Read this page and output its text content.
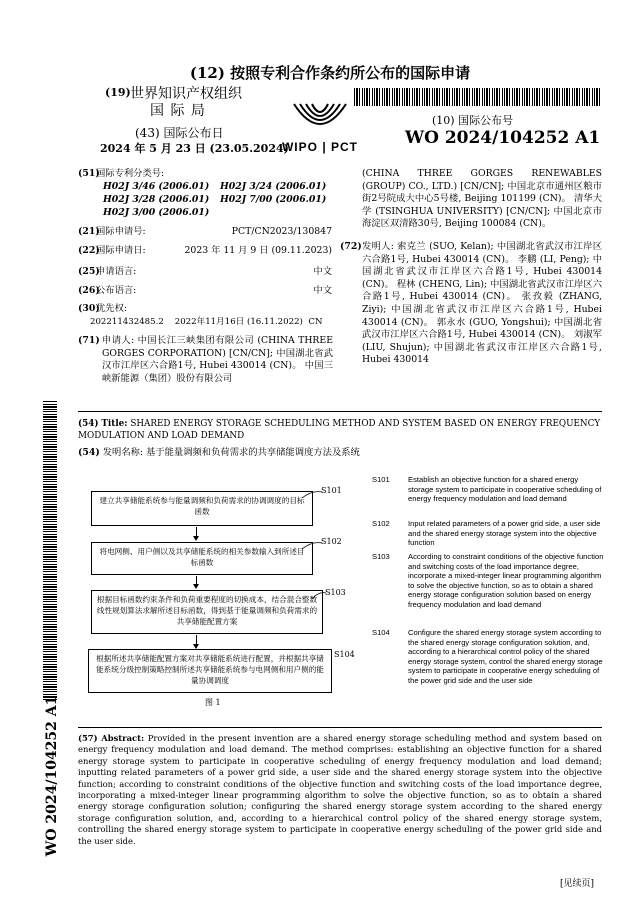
(12) 按照专利合作条约所公布的国际申请
(19) 世界知识产权组织
国 际 局
WIPO | PCT
(43) 国际公布日
2024 年 5 月 23 日 (23.05.2024)
(10) 国际公布号
WO 2024/104252 A1
(51) 国际专利分类号:
H02J 3/46 (2006.01) H02J 3/24 (2006.01)
H02J 3/28 (2006.01) H02J 7/00 (2006.01)
H02J 3/00 (2006.01)
(21) 国际申请号:	PCT/CN2023/130847
(22) 国际申请日:	2023 年 11 月 9 日 (09.11.2023)
(25) 申请语言:	中文
(26) 公布语言:	中文
(30) 优先权:
202211432485.2    2022年11月16日 (16.11.2022)  CN
(71) 申请人: 中国长江三峡集团有限公司 (CHINA THREE GORGES CORPORATION) [CN/CN]; 中国湖北省武汉市江岸区六合路1号, Hubei 430014 (CN)。 中国三峡新能源（集团）股份有限公司
(CHINA THREE GORGES RENEWABLES (GROUP) CO., LTD.) [CN/CN]; 中国北京市通州区粮市街2号院成大中心5号楼, Beijing 101199 (CN)。 清华大学 (TSINGHUA UNIVERSITY) [CN/CN]; 中国北京市海淀区双清路30号, Beijing 100084 (CN)。
(72) 发明人: 索克兰 (SUO, Kelan); 中国湖北省武汉市江岸区六合路1号, Hubei 430014 (CN)。 李鹏 (LI, Peng); 中国湖北省武汉市江岸区六合路1号, Hubei 430014 (CN)。 程林 (CHENG, Lin); 中国湖北省武汉市江岸区六合路1号, Hubei 430014 (CN)。 张孜毅 (ZHANG, Ziyi); 中国湖北省武汉市江岸区六合路1号, Hubei 430014 (CN)。 郭永水 (GUO, Yongshui); 中国湖北省武汉市江岸区六合路1号, Hubei 430014 (CN)。 刘淑军 (LIU, Shujun); 中国湖北省武汉市江岸区六合路1号, Hubei 430014
WO 2024/104252 A1
(54) Title: SHARED ENERGY STORAGE SCHEDULING METHOD AND SYSTEM BASED ON ENERGY FREQUENCY MODULATION AND LOAD DEMAND
(54) 发明名称: 基于能量调频和负荷需求的共享储能调度方法及系统
建立共享储能系统参与能量调频和负荷需求的协调调度的目标函数
S101
将电网侧、用户侧以及共享储能系统的相关参数输入到所述目标函数
S102
根据目标函数约束条件和负荷重要程度的切换成本，结合混合整数线性规划算法求解所述目标函数，得到基于能量调频和负荷需求的共享储能配置方案
S103
根据所述共享储能配置方案对共享储能系统进行配置，并根据共享储能系统分级控制策略控制所述共享储能系统参与电网侧和用户侧的能量协调调度
S104
图 1
S101 Establish an objective function for a shared energy storage system to participate in cooperative scheduling of energy frequency modulation and load demand
S102 Input related parameters of a power grid side, a user side and the shared energy storage system into the objective function
S103 According to constraint conditions of the objective function and switching costs of the load importance degree, incorporate a mixed-integer linear programming algorithm to solve the objective function, so as to obtain a shared energy storage configuration solution based on energy frequency modulation and load demand
S104 Configure the shared energy storage system according to the shared energy storage configuration solution, and, according to a hierarchical control policy of the shared energy storage system, control the shared energy storage system to participate in cooperative energy scheduling of the power grid side and the user side
(57) Abstract: Provided in the present invention are a shared energy storage scheduling method and system based on energy frequency modulation and load demand. The method comprises: establishing an objective function for a shared energy storage system to participate in cooperative scheduling of energy frequency modulation and load demand; inputting related parameters of a power grid side, a user side and the shared energy storage system into the objective function; according to constraint conditions of the objective function and switching costs of the load importance degree, incorporating a mixed-integer linear programming algorithm to solve the objective function, so as to obtain a shared energy storage configuration solution; configuring the shared energy storage system according to the shared energy storage configuration solution, and, according to a hierarchical control policy of the shared energy storage system, controlling the shared energy storage system to participate in cooperative energy scheduling of the power grid side and the user side.
[见续页]
